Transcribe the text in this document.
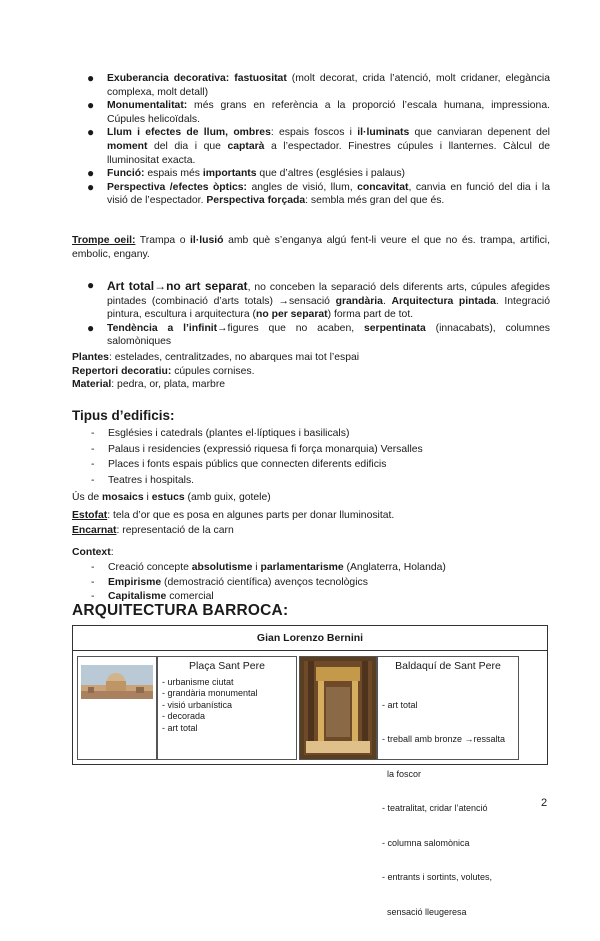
● Exuberancia decorativa: fastuositat (molt decorat, crida l’atenció, molt cridaner, elegància complexa, molt detall)
● Monumentalitat: més grans en referència a la proporció l’escala humana, impressiona. Cúpules helicoïdals.
● Llum i efectes de llum, ombres: espais foscos i il·luminats que canviaran depenent del moment del dia i que captarà a l’espectador. Finestres cúpules i llanternes. Càlcul de lluminositat exacta.
● Funció: espais més importants que d’altres (esglésies i palaus)
● Perspectiva /efectes òptics: angles de visió, llum, concavitat, canvia en funció del dia i la visió de l’espectador. Perspectiva forçada: sembla més gran del que és.
Trompe oeil: Trampa o il·lusió amb què s’enganya algú fent-li veure el que no és. trampa, artifici, embolic, engany.
● Art total→no art separat, no conceben la separació dels diferents arts, cúpules afegides pintades (combinació d’arts totals) →sensació grandària. Arquitectura pintada. Integració pintura, escultura i arquitectura (no per separat) forma part de tot.
● Tendència a l’infinit→figures que no acaben, serpentinata (innacabats), columnes salomòniques
Plantes: estelades, centralitzades, no abarques mai tot l’espai
Repertori decoratiu: cúpules cornises.
Material: pedra, or, plata, marbre
Tipus d’edificis:
- Esglésies i catedrals (plantes el·líptiques i basilicals)
- Palaus i residencies (expressió riquesa fi força monarquia) Versalles
- Places i fonts espais públics que connecten diferents edificis
- Teatres i hospitals.
Ús de mosaics i estucs (amb guix, gotele)
Estofat: tela d’or que es posa en algunes parts per donar lluminositat.
Encarnat: representació de la carn
Context:
- Creació concepte absolutisme i parlamentarisme (Anglaterra, Holanda)
- Empirisme (demostració científica) avenços tecnològics
- Capitalisme comercial
ARQUITECTURA BARROCA:
Gian Lorenzo Bernini
Plaça Sant Pere
- urbanisme ciutat
- grandària monumental
- visió urbanística
- decorada
- art total
Baldaquí de Sant Pere

- art total

- treball amb bronze →ressalta

la foscor

- teatralitat, cridar l’atenció

- columna salomònica

- entrants i sortints, volutes,

sensació lleugeresa

2
